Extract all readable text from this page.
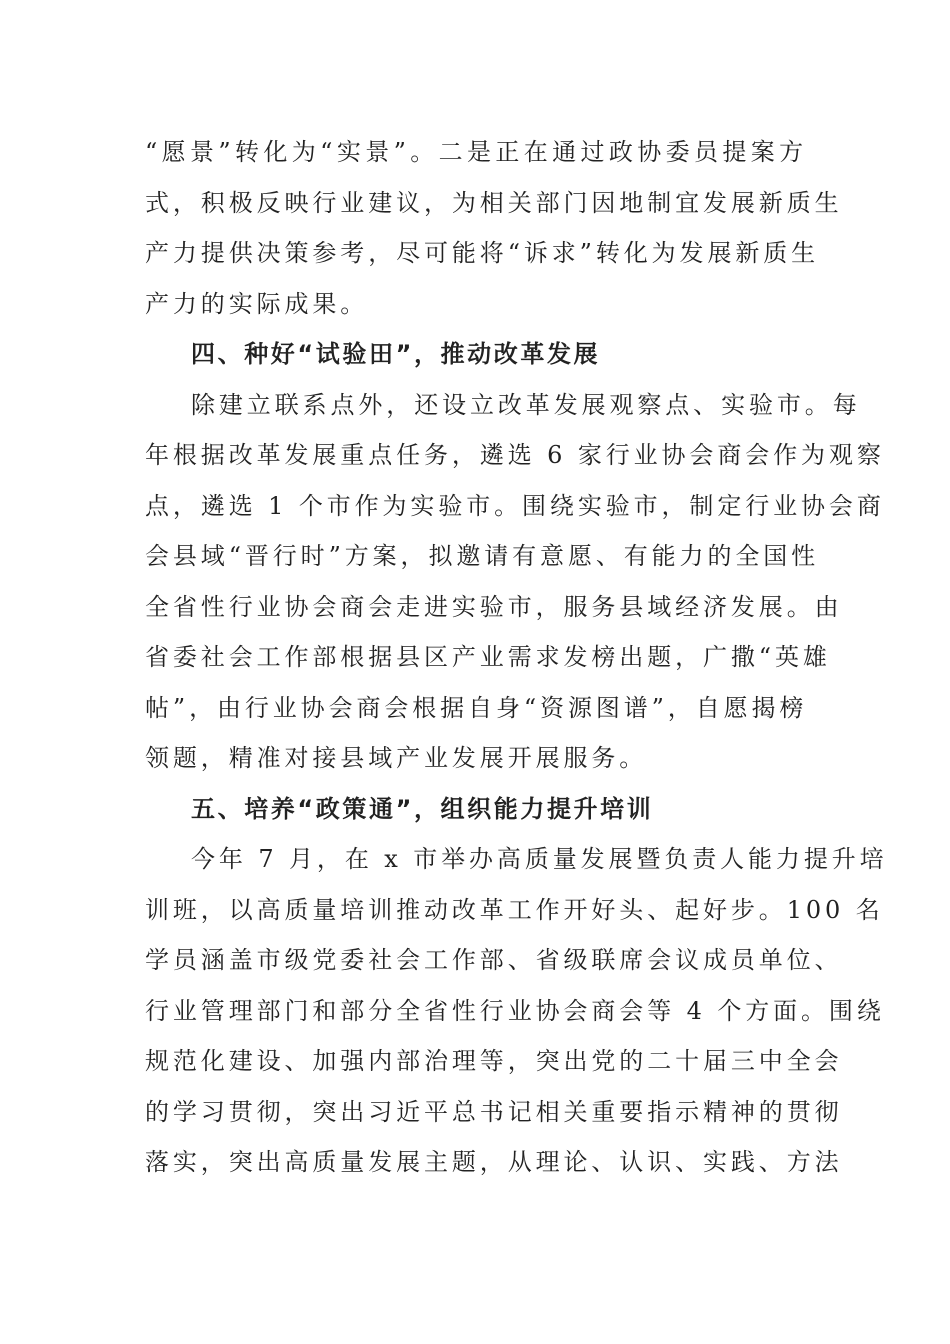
“愿景”转化为“实景”。二是正在通过政协委员提案方
式，积极反映行业建议，为相关部门因地制宜发展新质生
产力提供决策参考，尽可能将“诉求”转化为发展新质生
产力的实际成果。
四、种好“试验田”，推动改革发展
除建立联系点外，还设立改革发展观察点、实验市。每
年根据改革发展重点任务，遴选 6 家行业协会商会作为观察
点，遴选 1 个市作为实验市。围绕实验市，制定行业协会商
会县域“晋行时”方案，拟邀请有意愿、有能力的全国性
全省性行业协会商会走进实验市，服务县域经济发展。由
省委社会工作部根据县区产业需求发榜出题，广撒“英雄
帖”，由行业协会商会根据自身“资源图谱”，自愿揭榜
领题，精准对接县域产业发展开展服务。
五、培养“政策通”，组织能力提升培训
今年 7 月，在 x 市举办高质量发展暨负责人能力提升培
训班，以高质量培训推动改革工作开好头、起好步。100 名
学员涵盖市级党委社会工作部、省级联席会议成员单位、
行业管理部门和部分全省性行业协会商会等 4 个方面。围绕
规范化建设、加强内部治理等，突出党的二十届三中全会
的学习贯彻，突出习近平总书记相关重要指示精神的贯彻
落实，突出高质量发展主题，从理论、认识、实践、方法
